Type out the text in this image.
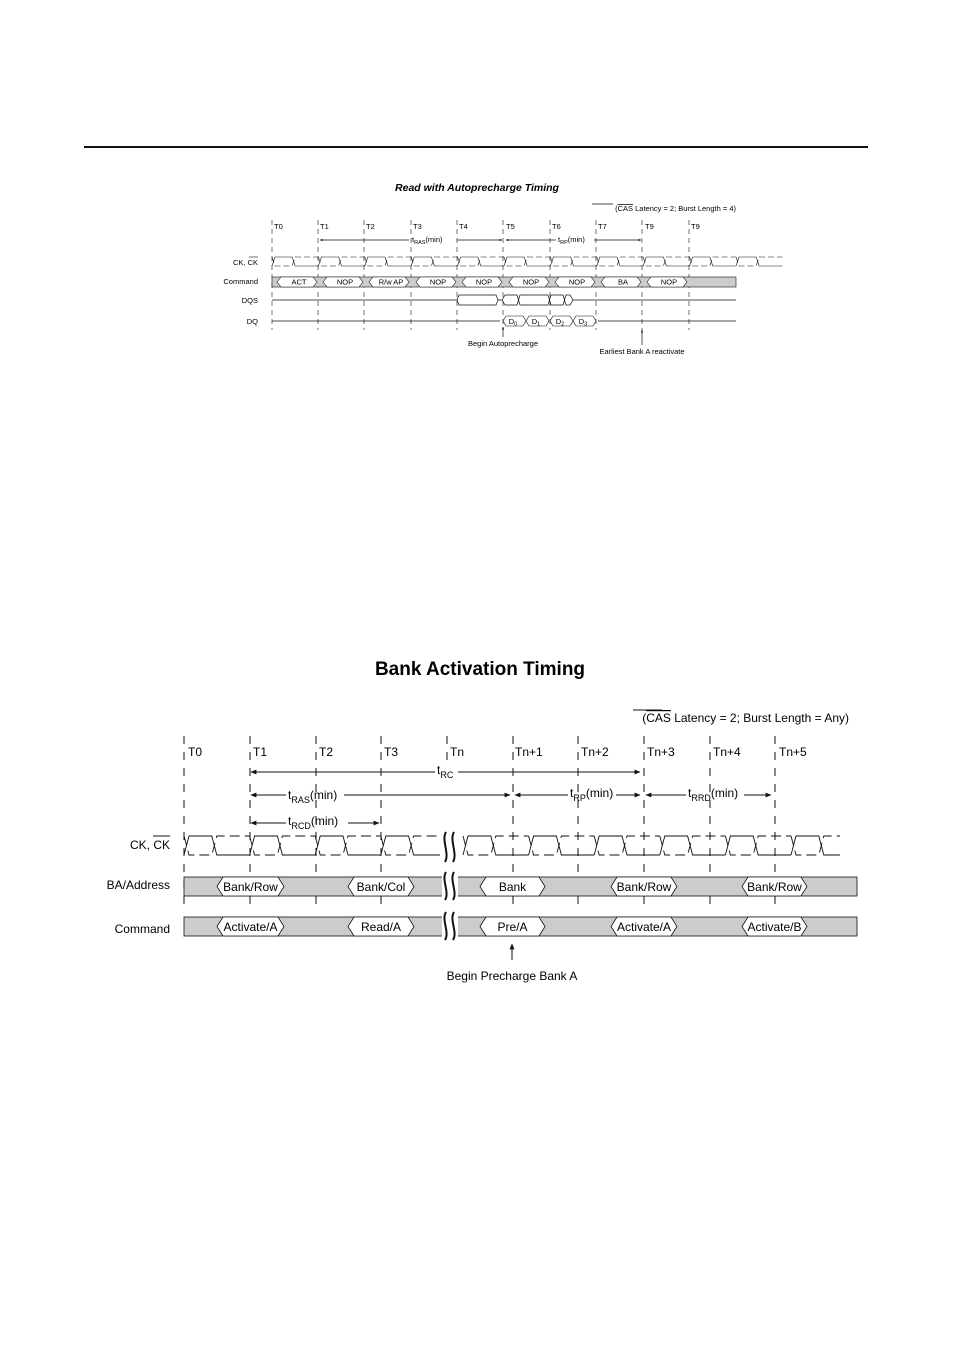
Read with Autoprecharge Timing
(CAS Latency = 2; Burst Length = 4)
T0	T1	T2	T3	T4	T5	T6	T7	T9	T9
$t_{RAS}(\min)$	$t_{RP}(\min)$
CK, CK
Command
DQS
DQ
ACT	NOP	R/w AP	NOP	NOP	NOP	NOP	BA	NOP
$D_0$ $D_1$ $D_2$ $D_3$
Begin Autoprecharge
Earliest Bank A reactivate
Bank Activation Timing
(CAS Latency = 2; Burst Length = Any)
T0	T1	T2	T3	Tn	Tn+1	Tn+2	Tn+3	Tn+4	Tn+5
$t_{RC}$
$t_{RAS}(\min)$	$t_{RP}(\min)$	$t_{RRD}(\min)$
$t_{RCD}(\min)$
CK, CK
BA/Address
Command
Bank/Row	Bank/Col	Bank	Bank/Row	Bank/Row
Activate/A	Read/A	Pre/A	Activate/A	Activate/B
Begin Precharge Bank A
